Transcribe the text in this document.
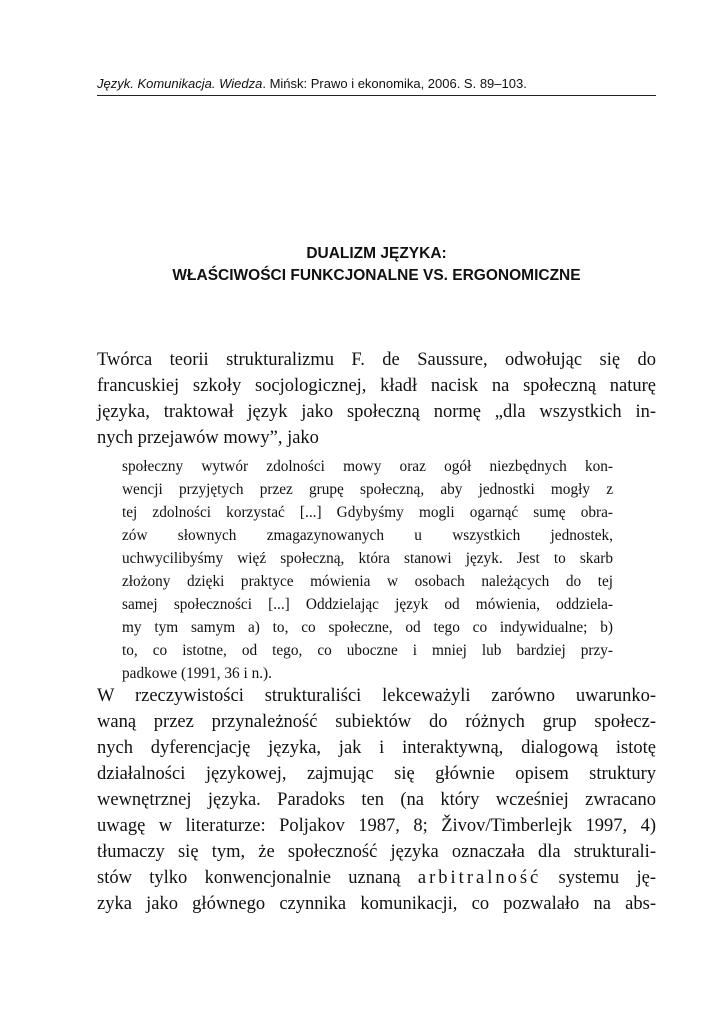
Język. Komunikacja. Wiedza. Mińsk: Prawo i ekonomika, 2006. S. 89–103.
DUALIZM JĘZYKA:
WŁAŚCIWOŚCI FUNKCJONALNE VS. ERGONOMICZNE
Twórca teorii strukturalizmu F. de Saussure, odwołując się do
francuskiej szkoły socjologicznej, kładł nacisk na społeczną naturę
języka, traktował język jako społeczną normę „dla wszystkich in-
nych przejawów mowy”, jako
społeczny wytwór zdolności mowy oraz ogół niezbędnych kon-
wencji przyjętych przez grupę społeczną, aby jednostki mogły z
tej zdolności korzystać [...] Gdybyśmy mogli ogarnąć sumę obra-
zów słownych zmagazynowanych u wszystkich jednostek,
uchwycilibyśmy więź społeczną, która stanowi język. Jest to skarb
złożony dzięki praktyce mówienia w osobach należących do tej
samej społeczności [...] Oddzielając język od mówienia, oddziela-
my tym samym a) to, co społeczne, od tego co indywidualne; b)
to, co istotne, od tego, co uboczne i mniej lub bardziej przy-
padkowe (1991, 36 i n.).
W rzeczywistości strukturaliści lekceważyli zarówno uwarunko-
waną przez przynależność subiektów do różnych grup społecz-
nych dyferencjację języka, jak i interaktywną, dialogową istotę
działalności językowej, zajmując się głównie opisem struktury
wewnętrznej języka. Paradoks ten (na który wcześniej zwracano
uwagę w literaturze: Poljakov 1987, 8; Živov/Timberlejk 1997, 4)
tłumaczy się tym, że społeczność języka oznaczała dla strukturali-
stów tylko konwencjonalnie uznaną arbitralność systemu ję-
zyka jako głównego czynnika komunikacji, co pozwalało na abs-
